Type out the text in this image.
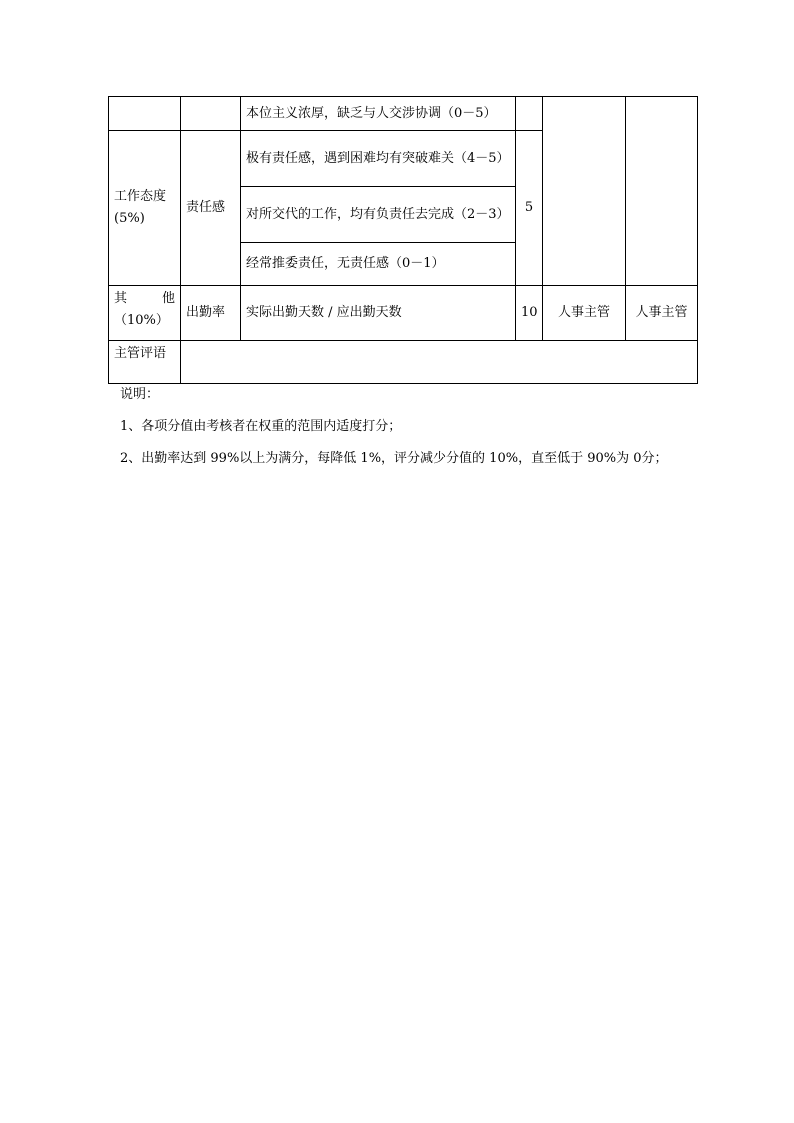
		本位主义浓厚，缺乏与人交涉协调（0－5）			

工作态度
(5%)	责任感	极有责任感，遇到困难均有突破难关（4－5）	5		
		对所交代的工作，均有负责任去完成（2－3）			
		经常推委责任，无责任感（0－1）			

其 他
（10%）	出勤率	实际出勤天数 / 应出勤天数	10	人事主管	人事主管
主管评语					

说明：

1、各项分值由考核者在权重的范围内适度打分；

2、出勤率达到 99%以上为满分，每降低 1%，评分减少分值的 10%，直至低于 90%为 0分；
